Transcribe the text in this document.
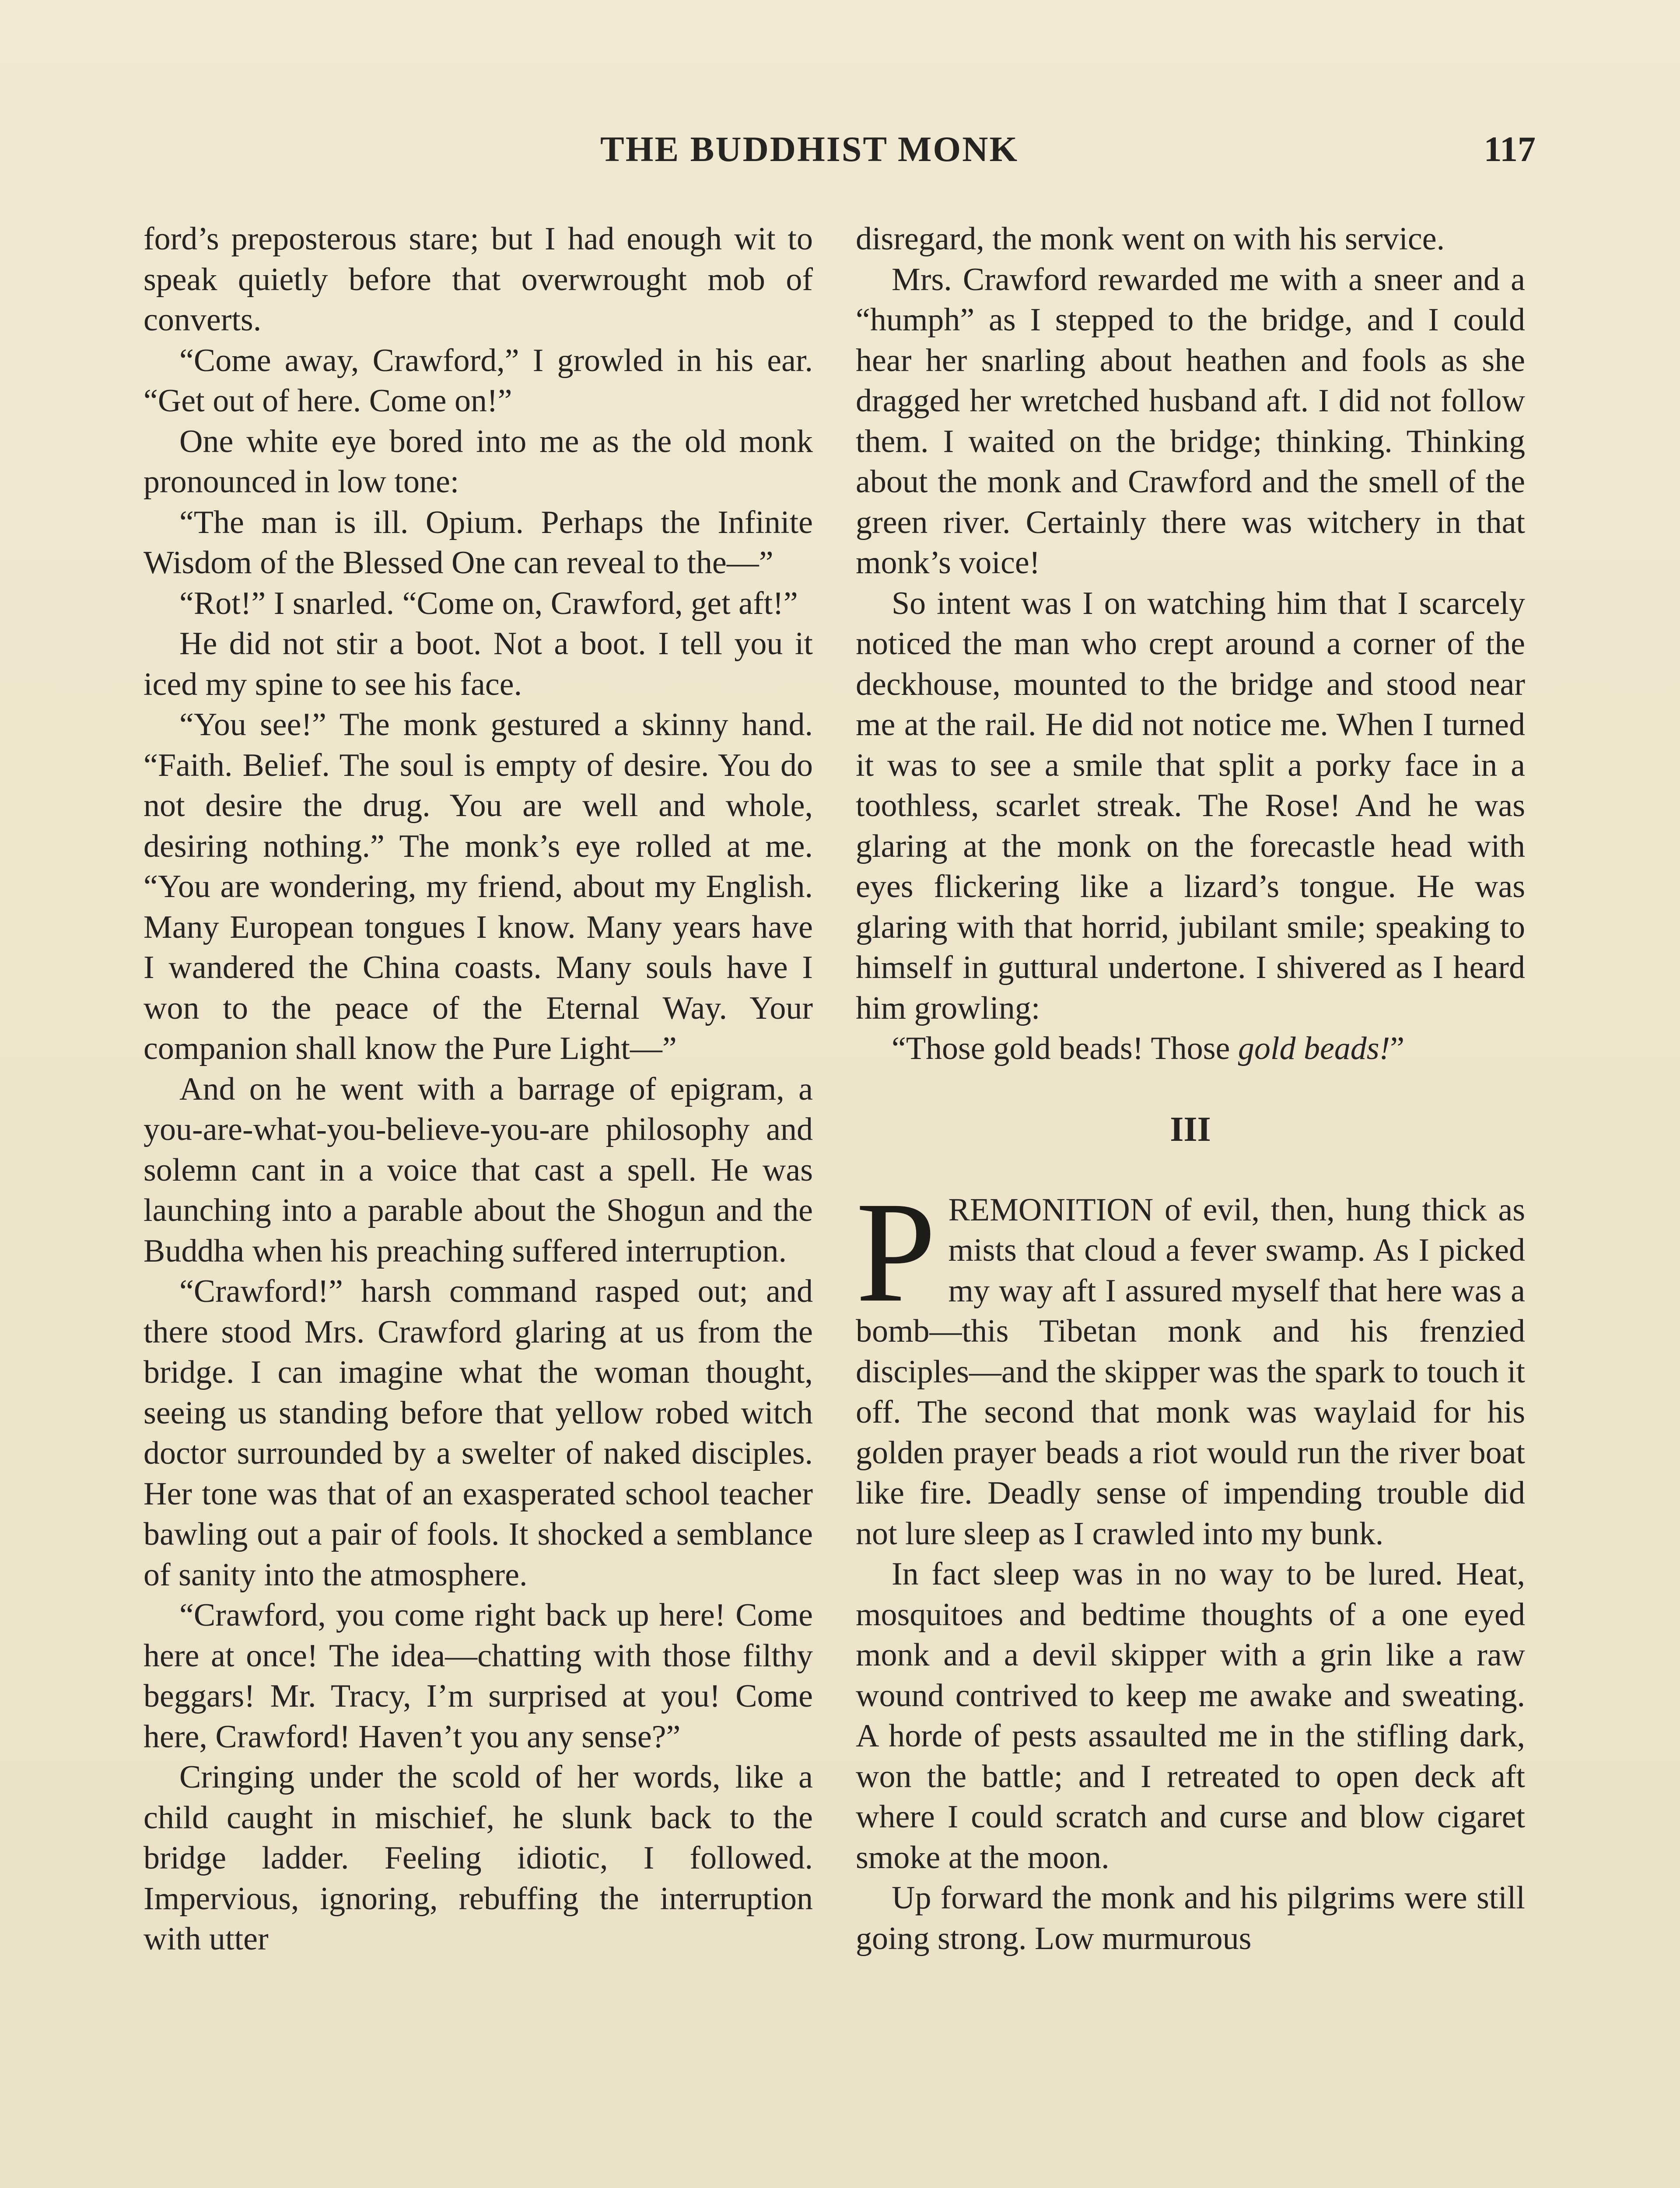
THE BUDDHIST MONK	117

ford’s preposterous stare; but I had enough wit to speak quietly before that overwrought mob of converts.

“Come away, Crawford,” I growled in his ear. “Get out of here. Come on!”

One white eye bored into me as the old monk pronounced in low tone:

“The man is ill. Opium. Perhaps the Infinite Wisdom of the Blessed One can reveal to the—”

“Rot!” I snarled. “Come on, Crawford, get aft!”

He did not stir a boot. Not a boot. I tell you it iced my spine to see his face.

“You see!” The monk gestured a skinny hand. “Faith. Belief. The soul is empty of desire. You do not desire the drug. You are well and whole, desiring nothing.” The monk’s eye rolled at me. “You are wondering, my friend, about my English. Many European tongues I know. Many years have I wandered the China coasts. Many souls have I won to the peace of the Eternal Way. Your companion shall know the Pure Light—”

And on he went with a barrage of epigram, a you-are-what-you-believe-you-are philosophy and solemn cant in a voice that cast a spell. He was launching into a parable about the Shogun and the Buddha when his preaching suffered interruption.

“Crawford!” harsh command rasped out; and there stood Mrs. Crawford glaring at us from the bridge. I can imagine what the woman thought, seeing us standing before that yellow robed witch doctor surrounded by a swelter of naked disciples. Her tone was that of an exasperated school teacher bawling out a pair of fools. It shocked a semblance of sanity into the atmosphere.

“Crawford, you come right back up here! Come here at once! The idea—chatting with those filthy beggars! Mr. Tracy, I’m surprised at you! Come here, Crawford! Haven’t you any sense?”

Cringing under the scold of her words, like a child caught in mischief, he slunk back to the bridge ladder. Feeling idiotic, I followed. Impervious, ignoring, rebuffing the interruption with utter

disregard, the monk went on with his service.

Mrs. Crawford rewarded me with a sneer and a “humph” as I stepped to the bridge, and I could hear her snarling about heathen and fools as she dragged her wretched husband aft. I did not follow them. I waited on the bridge; thinking. Thinking about the monk and Crawford and the smell of the green river. Certainly there was witchery in that monk’s voice!

So intent was I on watching him that I scarcely noticed the man who crept around a corner of the deckhouse, mounted to the bridge and stood near me at the rail. He did not notice me. When I turned it was to see a smile that split a porky face in a toothless, scarlet streak. The Rose! And he was glaring at the monk on the forecastle head with eyes flickering like a lizard’s tongue. He was glaring with that horrid, jubilant smile; speaking to himself in guttural undertone. I shivered as I heard him growling:

“Those gold beads! Those gold beads!”

III

PREMONITION of evil, then, hung thick as mists that cloud a fever swamp. As I picked my way aft I assured myself that here was a bomb—this Tibetan monk and his frenzied disciples—and the skipper was the spark to touch it off. The second that monk was waylaid for his golden prayer beads a riot would run the river boat like fire. Deadly sense of impending trouble did not lure sleep as I crawled into my bunk.

In fact sleep was in no way to be lured. Heat, mosquitoes and bedtime thoughts of a one eyed monk and a devil skipper with a grin like a raw wound contrived to keep me awake and sweating. A horde of pests assaulted me in the stifling dark, won the battle; and I retreated to open deck aft where I could scratch and curse and blow cigaret smoke at the moon.

Up forward the monk and his pilgrims were still going strong. Low murmurous
